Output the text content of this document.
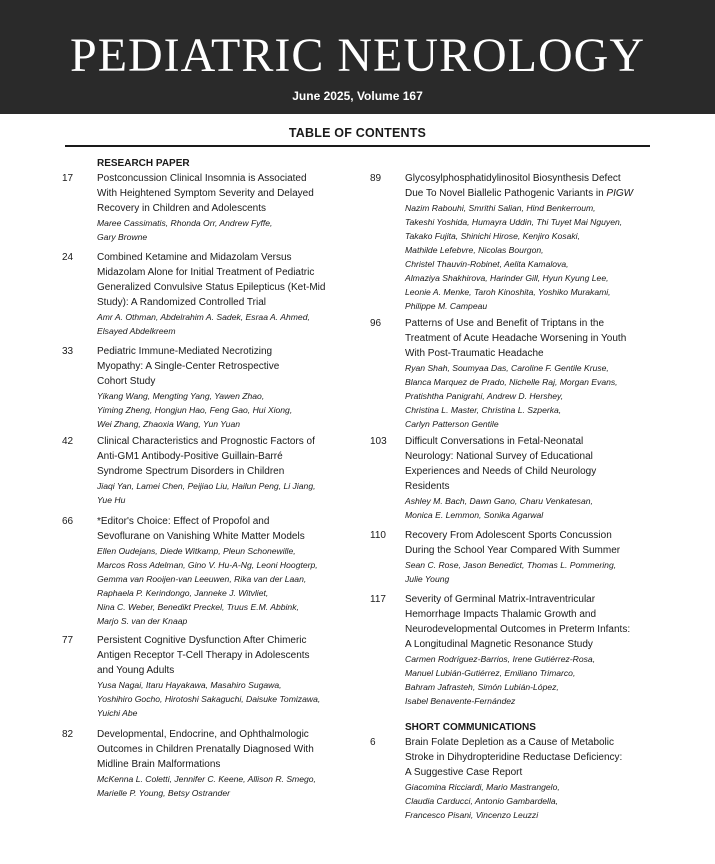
PEDIATRIC NEUROLOGY
June 2025, Volume 167
TABLE OF CONTENTS
RESEARCH PAPER
17	Postconcussion Clinical Insomnia is Associated
With Heightened Symptom Severity and Delayed
Recovery in Children and Adolescents
Maree Cassimatis, Rhonda Orr, Andrew Fyffe,
Gary Browne
24	Combined Ketamine and Midazolam Versus
Midazolam Alone for Initial Treatment of Pediatric
Generalized Convulsive Status Epilepticus (Ket-Mid
Study): A Randomized Controlled Trial
Amr A. Othman, Abdelrahim A. Sadek, Esraa A. Ahmed,
Elsayed Abdelkreem
33	Pediatric Immune-Mediated Necrotizing
Myopathy: A Single-Center Retrospective
Cohort Study
Yikang Wang, Mengting Yang, Yawen Zhao,
Yiming Zheng, Hongjun Hao, Feng Gao, Hui Xiong,
Wei Zhang, Zhaoxia Wang, Yun Yuan
42	Clinical Characteristics and Prognostic Factors of
Anti-GM1 Antibody-Positive Guillain-Barré
Syndrome Spectrum Disorders in Children
Jiaqi Yan, Lamei Chen, Peijiao Liu, Hailun Peng, Li Jiang,
Yue Hu
66	*Editor's Choice: Effect of Propofol and
Sevoflurane on Vanishing White Matter Models
Ellen Oudejans, Diede Witkamp, Pleun Schonewille,
Marcos Ross Adelman, Gino V. Hu-A-Ng, Leoni Hoogterp,
Gemma van Rooijen-van Leeuwen, Rika van der Laan,
Raphaela P. Kerindongo, Janneke J. Witvliet,
Nina C. Weber, Benedikt Preckel, Truus E.M. Abbink,
Marjo S. van der Knaap
77	Persistent Cognitive Dysfunction After Chimeric
Antigen Receptor T-Cell Therapy in Adolescents
and Young Adults
Yusa Nagai, Itaru Hayakawa, Masahiro Sugawa,
Yoshihiro Gocho, Hirotoshi Sakaguchi, Daisuke Tomizawa,
Yuichi Abe
82	Developmental, Endocrine, and Ophthalmologic
Outcomes in Children Prenatally Diagnosed With
Midline Brain Malformations
McKenna L. Coletti, Jennifer C. Keene, Allison R. Smego,
Marielle P. Young, Betsy Ostrander
89	Glycosylphosphatidylinositol Biosynthesis Defect
Due To Novel Biallelic Pathogenic Variants in PIGW
Nazim Rabouhi, Smrithi Salian, Hind Benkerroum,
Takeshi Yoshida, Humayra Uddin, Thi Tuyet Mai Nguyen,
Takako Fujita, Shinichi Hirose, Kenjiro Kosaki,
Mathilde Lefebvre, Nicolas Bourgon,
Christel Thauvin-Robinet, Aelita Kamalova,
Almaziya Shakhirova, Harinder Gill, Hyun Kyung Lee,
Leonie A. Menke, Taroh Kinoshita, Yoshiko Murakami,
Philippe M. Campeau
96	Patterns of Use and Benefit of Triptans in the
Treatment of Acute Headache Worsening in Youth
With Post-Traumatic Headache
Ryan Shah, Soumyaa Das, Caroline F. Gentile Kruse,
Blanca Marquez de Prado, Nichelle Raj, Morgan Evans,
Pratishtha Panigrahi, Andrew D. Hershey,
Christina L. Master, Christina L. Szperka,
Carlyn Patterson Gentile
103	Difficult Conversations in Fetal-Neonatal
Neurology: National Survey of Educational
Experiences and Needs of Child Neurology
Residents
Ashley M. Bach, Dawn Gano, Charu Venkatesan,
Monica E. Lemmon, Sonika Agarwal
110	Recovery From Adolescent Sports Concussion
During the School Year Compared With Summer
Sean C. Rose, Jason Benedict, Thomas L. Pommering,
Julie Young
117	Severity of Germinal Matrix-Intraventricular
Hemorrhage Impacts Thalamic Growth and
Neurodevelopmental Outcomes in Preterm Infants:
A Longitudinal Magnetic Resonance Study
Carmen Rodríguez-Barrios, Irene Gutiérrez-Rosa,
Manuel Lubián-Gutiérrez, Emiliano Trimarco,
Bahram Jafrasteh, Simón Lubián-López,
Isabel Benavente-Fernández
SHORT COMMUNICATIONS
6	Brain Folate Depletion as a Cause of Metabolic
Stroke in Dihydropteridine Reductase Deficiency:
A Suggestive Case Report
Giacomina Ricciardi, Mario Mastrangelo,
Claudia Carducci, Antonio Gambardella,
Francesco Pisani, Vincenzo Leuzzi
